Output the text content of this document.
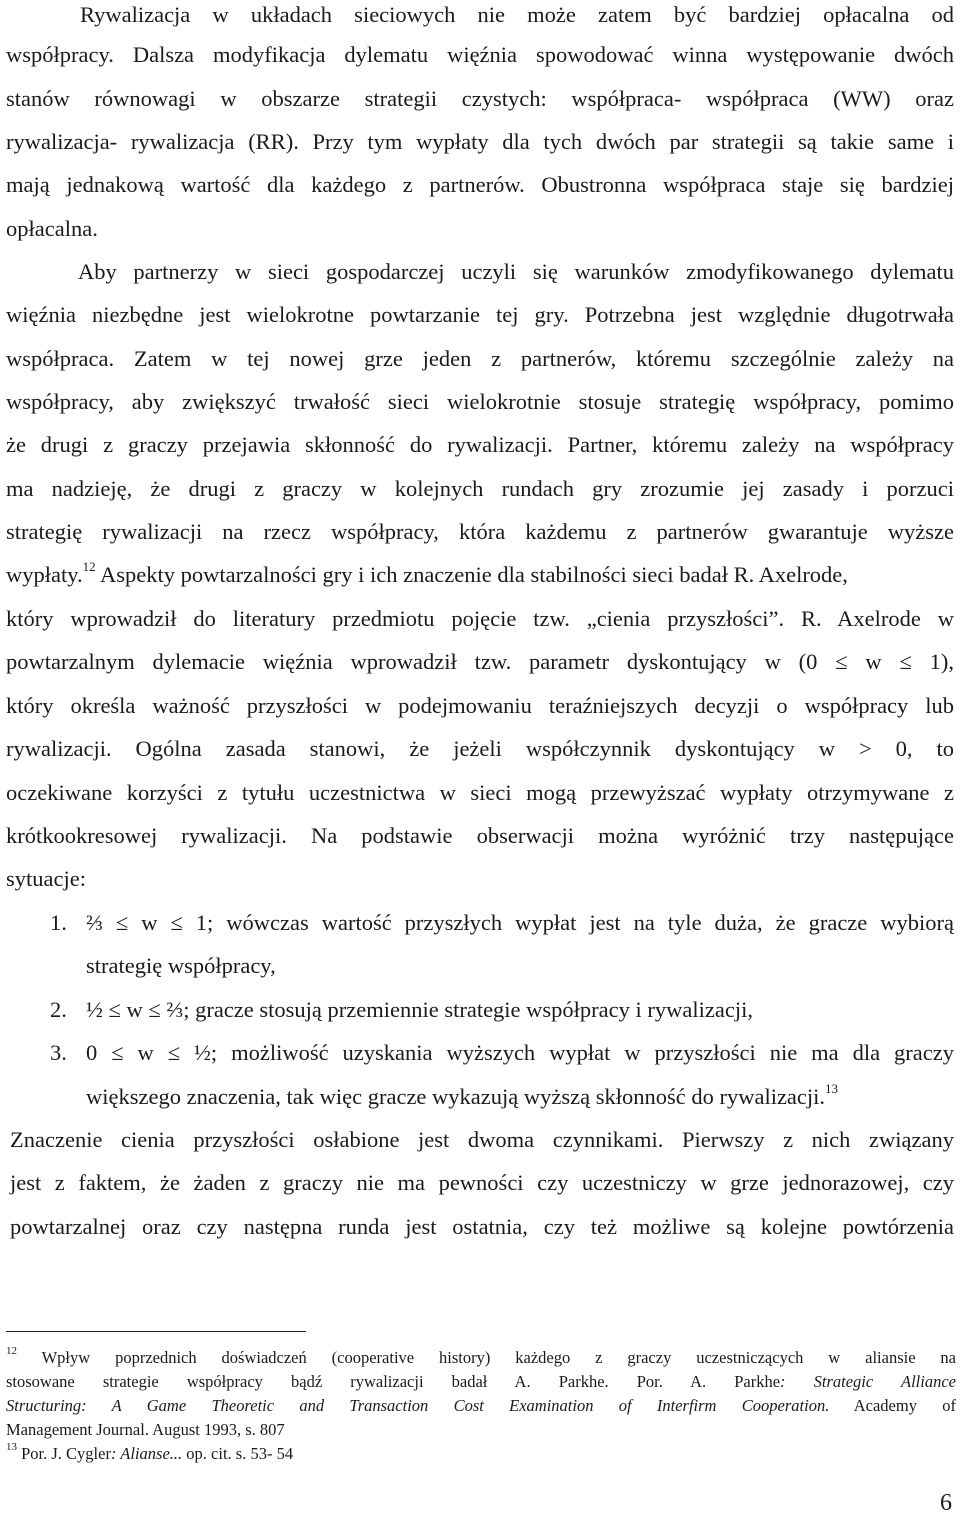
Rywalizacja w układach sieciowych nie może zatem być bardziej opłacalna od
współpracy. Dalsza modyfikacja dylematu więźnia spowodować winna występowanie dwóch
stanów równowagi w obszarze strategii czystych: współpraca- współpraca (WW) oraz
rywalizacja- rywalizacja (RR). Przy tym wypłaty dla tych dwóch par strategii są takie same i
mają jednakową wartość dla każdego z partnerów. Obustronna współpraca staje się bardziej
opłacalna.
Aby partnerzy w sieci gospodarczej uczyli się warunków zmodyfikowanego dylematu
więźnia niezbędne jest wielokrotne powtarzanie tej gry. Potrzebna jest względnie długotrwała
współpraca. Zatem w tej nowej grze jeden z partnerów, któremu szczególnie zależy na
współpracy, aby zwiększyć trwałość sieci wielokrotnie stosuje strategię współpracy, pomimo
że drugi z graczy przejawia skłonność do rywalizacji. Partner, któremu zależy na współpracy
ma nadzieję, że drugi z graczy w kolejnych rundach gry zrozumie jej zasady i porzuci
strategię rywalizacji na rzecz współpracy, która każdemu z partnerów gwarantuje wyższe
wypłaty.$^{12}$ Aspekty powtarzalności gry i ich znaczenie dla stabilności sieci badał R. Axelrode,
który wprowadził do literatury przedmiotu pojęcie tzw. „cienia przyszłości”. R. Axelrode w
powtarzalnym dylemacie więźnia wprowadził tzw. parametr dyskontujący w (0 ≤ w ≤ 1),
który określa ważność przyszłości w podejmowaniu teraźniejszych decyzji o współpracy lub
rywalizacji. Ogólna zasada stanowi, że jeżeli współczynnik dyskontujący w > 0, to
oczekiwane korzyści z tytułu uczestnictwa w sieci mogą przewyższać wypłaty otrzymywane z
krótkookresowej rywalizacji. Na podstawie obserwacji można wyróżnić trzy następujące
sytuacje:
1. ⅔ ≤ w ≤ 1; wówczas wartość przyszłych wypłat jest na tyle duża, że gracze wybiorą
strategię współpracy,
2. ½ ≤ w ≤ ⅔; gracze stosują przemiennie strategie współpracy i rywalizacji,
3. 0 ≤ w ≤ ½; możliwość uzyskania wyższych wypłat w przyszłości nie ma dla graczy
większego znaczenia, tak więc gracze wykazują wyższą skłonność do rywalizacji.$^{13}$
Znaczenie cienia przyszłości osłabione jest dwoma czynnikami. Pierwszy z nich związany
jest z faktem, że żaden z graczy nie ma pewności czy uczestniczy w grze jednorazowej, czy
powtarzalnej oraz czy następna runda jest ostatnia, czy też możliwe są kolejne powtórzenia
$^{12}$ Wpływ poprzednich doświadczeń (cooperative history) każdego z graczy uczestniczących w aliansie na
stosowane strategie współpracy bądź rywalizacji badał A. Parkhe. Por. A. Parkhe: Strategic Alliance
Structuring: A Game Theoretic and Transaction Cost Examination of Interfirm Cooperation. Academy of
Management Journal. August 1993, s. 807
$^{13}$ Por. J. Cygler: Alianse... op. cit. s. 53- 54
6
